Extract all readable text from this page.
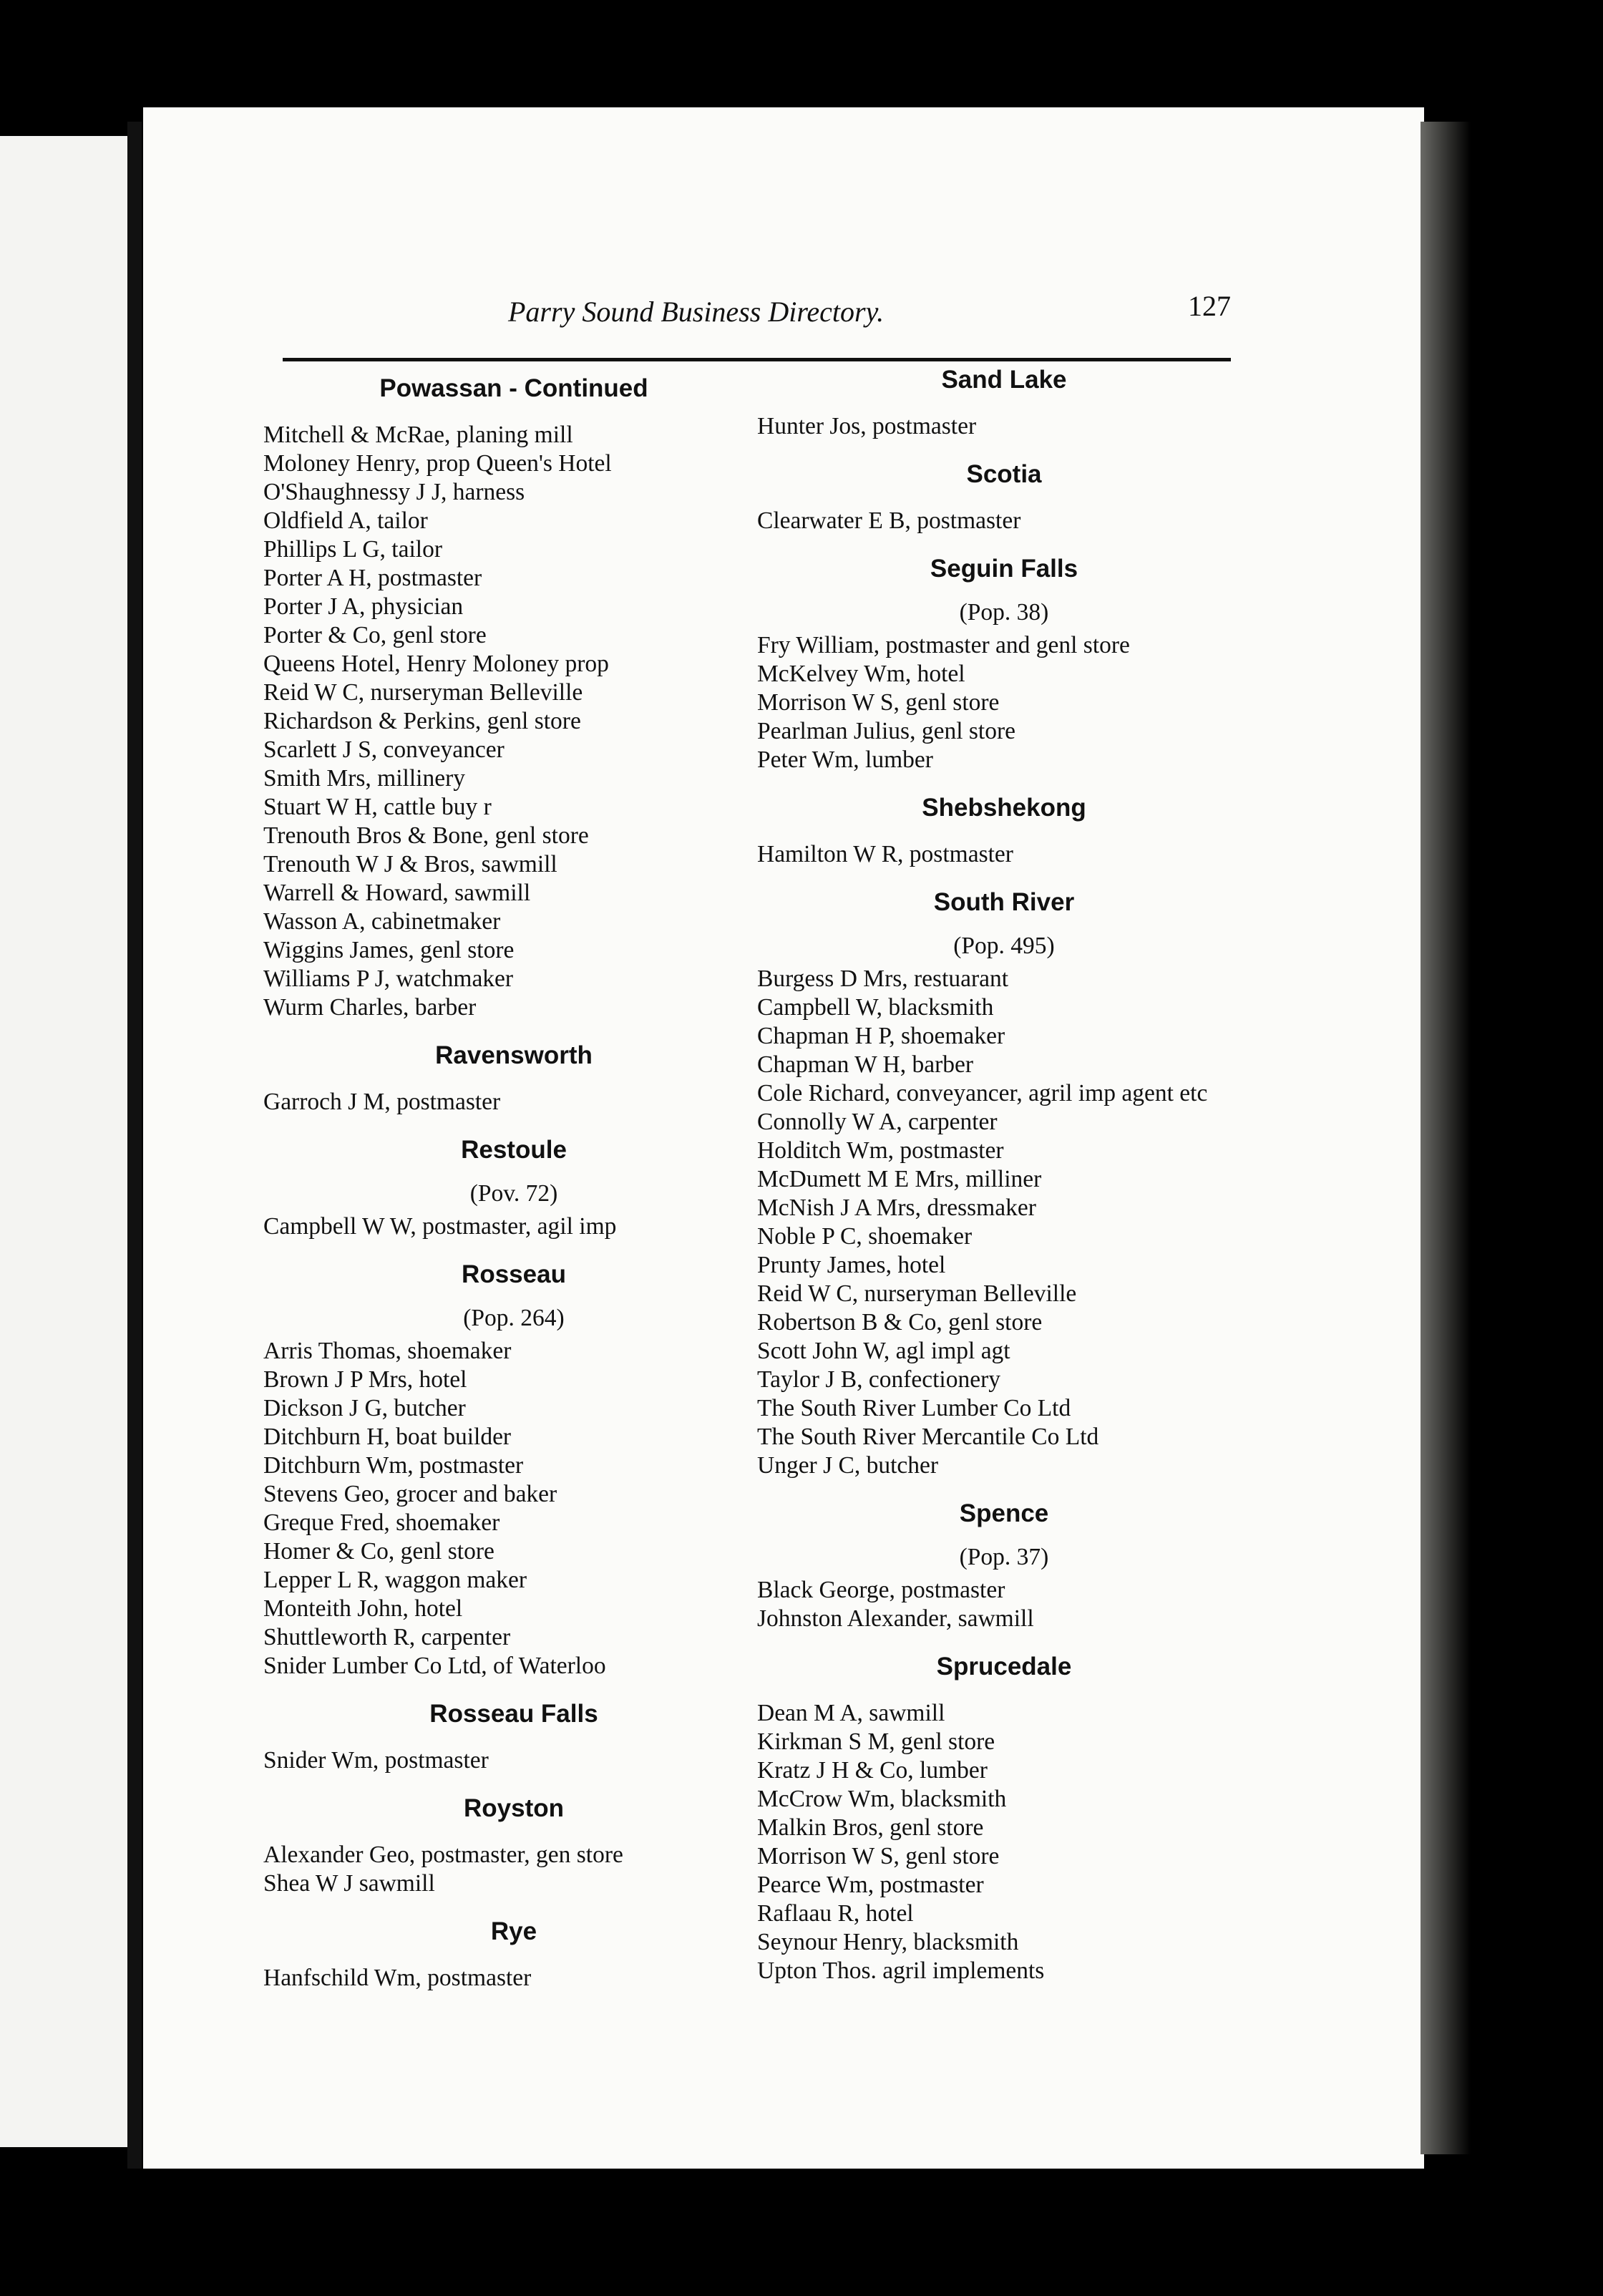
Parry Sound Business Directory.	127
Powassan - Continued
Mitchell & McRae, planing mill
Moloney Henry, prop Queen's Hotel
O'Shaughnessy J J, harness
Oldfield A, tailor
Phillips L G, tailor
Porter A H, postmaster
Porter J A, physician
Porter & Co, genl store
Queens Hotel, Henry Moloney prop
Reid W C, nurseryman Belleville
Richardson & Perkins, genl store
Scarlett J S, conveyancer
Smith Mrs, millinery
Stuart W H, cattle buy r
Trenouth Bros & Bone, genl store
Trenouth W J & Bros, sawmill
Warrell & Howard, sawmill
Wasson A, cabinetmaker
Wiggins James, genl store
Williams P J, watchmaker
Wurm Charles, barber
Ravensworth
Garroch J M, postmaster
Restoule
(Pov. 72)
Campbell W W, postmaster, agil imp
Rosseau
(Pop. 264)
Arris Thomas, shoemaker
Brown J P Mrs, hotel
Dickson J G, butcher
Ditchburn H, boat builder
Ditchburn Wm, postmaster
Stevens Geo, grocer and baker
Greque Fred, shoemaker
Homer & Co, genl store
Lepper L R, waggon maker
Monteith John, hotel
Shuttleworth R, carpenter
Snider Lumber Co Ltd, of Waterloo
Rosseau Falls
Snider Wm, postmaster
Royston
Alexander Geo, postmaster, gen store
Shea W J sawmill
Rye
Hanfschild Wm, postmaster
Sand Lake
Hunter Jos, postmaster
Scotia
Clearwater E B, postmaster
Seguin Falls
(Pop. 38)
Fry William, postmaster and genl store
McKelvey Wm, hotel
Morrison W S, genl store
Pearlman Julius, genl store
Peter Wm, lumber
Shebshekong
Hamilton W R, postmaster
South River
(Pop. 495)
Burgess D Mrs, restuarant
Campbell W, blacksmith
Chapman H P, shoemaker
Chapman W H, barber
Cole Richard, conveyancer, agril imp agent etc
Connolly W A, carpenter
Holditch Wm, postmaster
McDumett M E Mrs, milliner
McNish J A Mrs, dressmaker
Noble P C, shoemaker
Prunty James, hotel
Reid W C, nurseryman Belleville
Robertson B & Co, genl store
Scott John W, agl impl agt
Taylor J B, confectionery
The South River Lumber Co Ltd
The South River Mercantile Co Ltd
Unger J C, butcher
Spence
(Pop. 37)
Black George, postmaster
Johnston Alexander, sawmill
Sprucedale
Dean M A, sawmill
Kirkman S M, genl store
Kratz J H & Co, lumber
McCrow Wm, blacksmith
Malkin Bros, genl store
Morrison W S, genl store
Pearce Wm, postmaster
Raflaau R, hotel
Seynour Henry, blacksmith
Upton Thos. agril implements
